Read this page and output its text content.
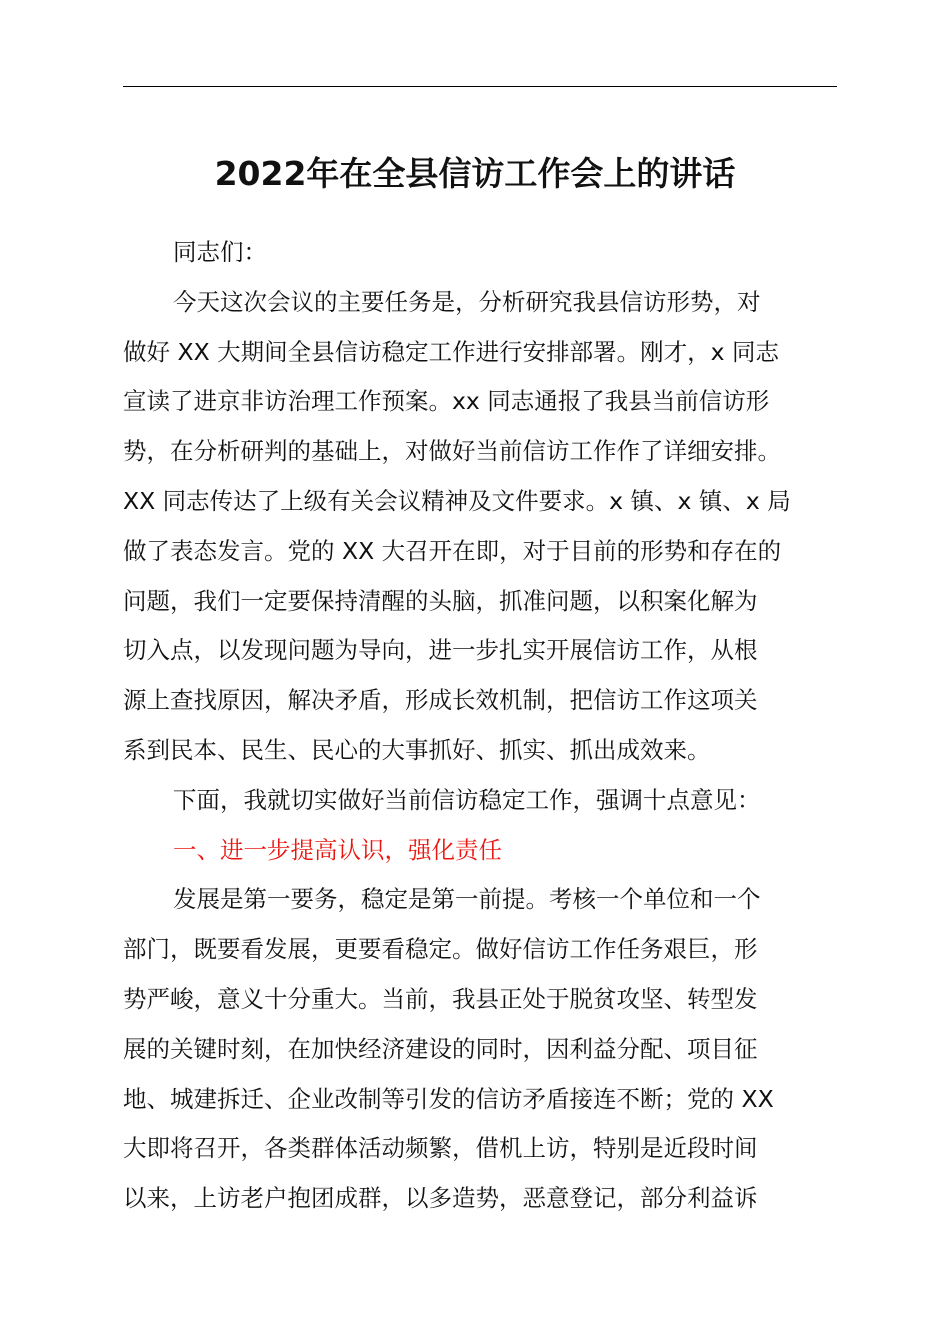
2022年在全县信访工作会上的讲话
同志们：
今天这次会议的主要任务是，分析研究我县信访形势，对
做好 XX 大期间全县信访稳定工作进行安排部署。刚才，x 同志
宣读了进京非访治理工作预案。xx 同志通报了我县当前信访形
势，在分析研判的基础上，对做好当前信访工作作了详细安排。
XX 同志传达了上级有关会议精神及文件要求。x 镇、x 镇、x 局
做了表态发言。党的 XX 大召开在即，对于目前的形势和存在的
问题，我们一定要保持清醒的头脑，抓准问题，以积案化解为
切入点，以发现问题为导向，进一步扎实开展信访工作，从根
源上查找原因，解决矛盾，形成长效机制，把信访工作这项关
系到民本、民生、民心的大事抓好、抓实、抓出成效来。
下面，我就切实做好当前信访稳定工作，强调十点意见：
一、进一步提高认识，强化责任
发展是第一要务，稳定是第一前提。考核一个单位和一个
部门，既要看发展，更要看稳定。做好信访工作任务艰巨，形
势严峻，意义十分重大。当前，我县正处于脱贫攻坚、转型发
展的关键时刻，在加快经济建设的同时，因利益分配、项目征
地、城建拆迁、企业改制等引发的信访矛盾接连不断；党的 XX
大即将召开，各类群体活动频繁，借机上访，特别是近段时间
以来，上访老户抱团成群，以多造势，恶意登记，部分利益诉
